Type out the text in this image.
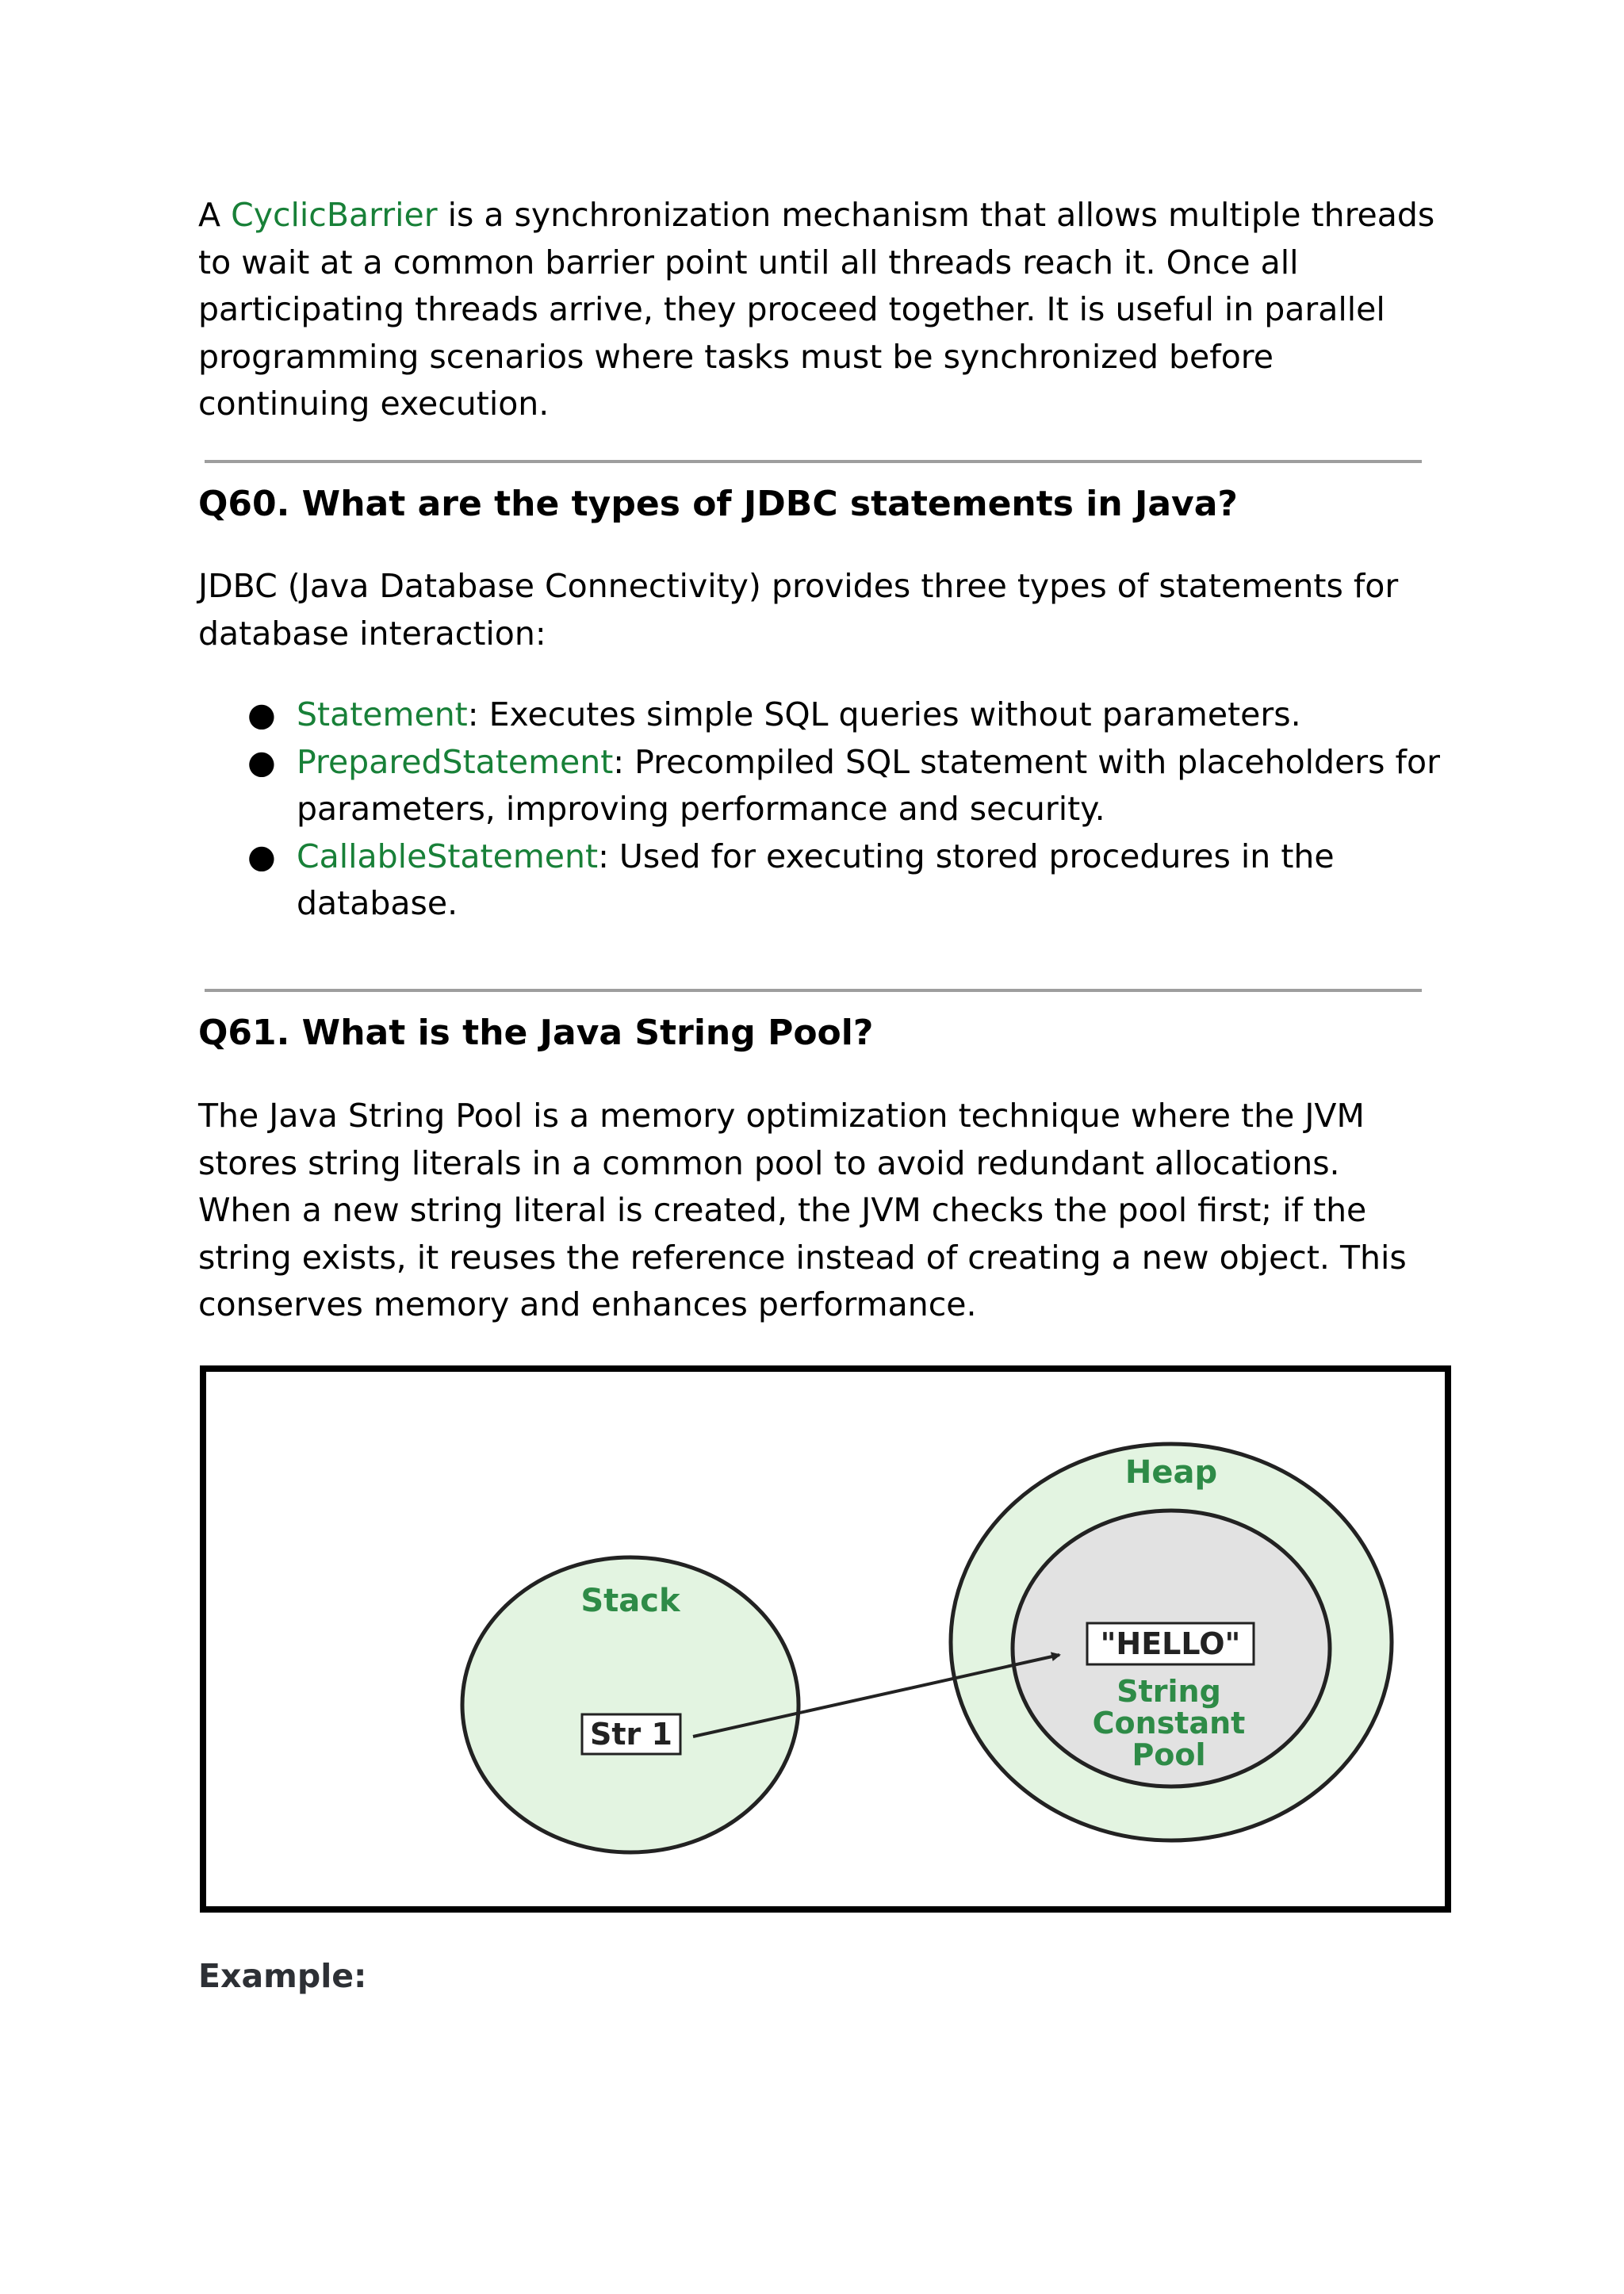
A CyclicBarrier is a synchronization mechanism that allows multiple threads to wait at a common barrier point until all threads reach it. Once all participating threads arrive, they proceed together. It is useful in parallel programming scenarios where tasks must be synchronized before continuing execution.

Q60. What are the types of JDBC statements in Java?

JDBC (Java Database Connectivity) provides three types of statements for database interaction:

● Statement: Executes simple SQL queries without parameters.
● PreparedStatement: Precompiled SQL statement with placeholders for parameters, improving performance and security.
● CallableStatement: Used for executing stored procedures in the database.
Q61. What is the Java String Pool?

The Java String Pool is a memory optimization technique where the JVM stores string literals in a common pool to avoid redundant allocations. When a new string literal is created, the JVM checks the pool first; if the string exists, it reuses the reference instead of creating a new object. This conserves memory and enhances performance.

Stack
Str 1
Heap
"HELLO"
String
Constant
Pool

Example:
